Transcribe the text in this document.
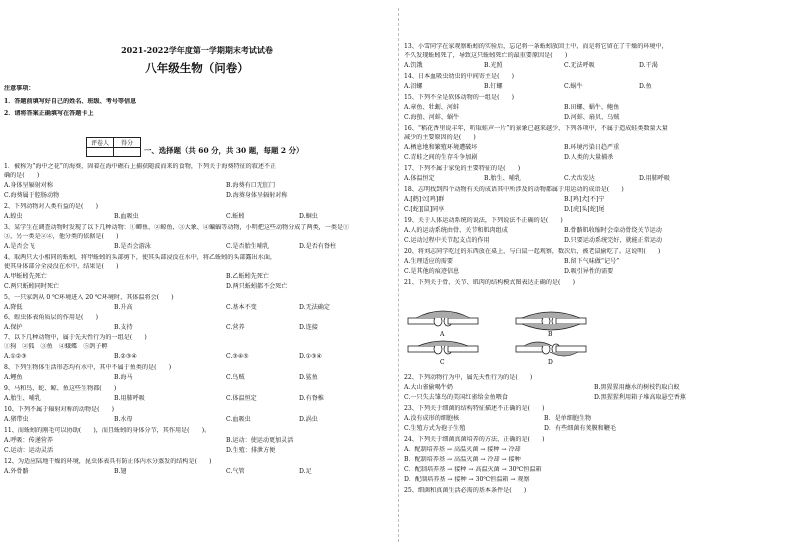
2021-2022学年度第一学期期末考试试卷
八年级生物（问卷）
注意事项：
1．答题前填写好自己的姓名、班级、考号等信息
2．请将答案正确填写在答题卡上
评卷人	得分

一、选择题（共 60 分，共 30 题，每题 2 分）
1．被称为“海中之花”的海葵，固着在海中礁石上捕获随波而来的食物，下列关于海葵特征的叙述不正
确的是(　　)
A.身体呈辐射对称	B.海葵有口无肛门
C.海葵属于腔肠动物	D.海葵身体呈辐射对称
2、下列动物对人类有益的是(　　)
A.蝗虫	B.血吸虫	C.蚯蚓	D.蛔虫
3、某学生在调查动物时发现了以下几种动物：①鲫鱼、②鲸鱼、③大象、④蝙蝠等动物，小明把这些动物分成了两类，一类是①
③，另一类是②④，他分类的依据是(　　)
A.是否会飞	B.是否会游泳	C.是否胎生哺乳	D.是否有脊柱
4、取两只大小相同的蚯蚓，将甲蚯蚓的头部剪下，使其头部浸没在水中，将乙蚯蚓的头部露出水面，
使其身体部分全浸没在水中，结果是(　　)
A.甲蚯蚓先死亡	B.乙蚯蚓先死亡
C.两只蚯蚓同时死亡	D.两只蚯蚓都不会死亡
5、一只家鸽从 0 ℃环境进入 20 ℃环境时，其体温将会(　　)
A.降低	B.升高	C.基本不变	D.无法确定
6、蝗虫体表角质层的作用是(　　)
A.保护	B.支持	C.营养	D.连接
7、以下几种动物中，属于先天性行为的一组是(　　)
①狗　②狐　③鱼　④蛾蝶　⑤鸽子孵
A.①②③	B.②③④	C.③④⑤	D.①③④
8、下列生物体生活形态均有水中，其中不属于鱼类的是(　　)
A.鲤鱼	B.海马	C.鸟贼	D.鲨鱼
9、马和鸟、蛇、鲸、鱼这些生物都(　　)
A.胎生、哺乳	B.用肺呼吸	C.体温恒定	D.有脊椎
10、下列不属于辐射对称的动物是(　　)
A.猪带虫	B.水母	C.血吸虫	D.涡虫
11、而蚯蚓的刚毛可以协助(　　)，而且蚯蚓的身体分节，其作用是(　　)。
A.呼吸：传递营养	B.运动：使运动更加灵活
C.运动：运动灵活	D.生殖：排泄方便
12、为适应陆地干燥的环境，昆虫体表具有防止体内水分蒸发的结构是(　　)
A.外骨骼	B.翅	C.气管	D.足
13、小雪同学在家观察蚯蚓的实验后，忘记将一条蚯蚓放回土中，而是将它留在了干燥的环境中，
不久发现蚯蚓死了，导致这只蚯蚓死亡的最重要原因是(　　)
A.饥饿	B.光照	C.无法呼吸	D.干渴
14、日本血吸虫幼虫的中间寄主是(　　)
A.沼螺	B.钉螺	C.蜗牛	D.鱼
15、下列不全是软体动物的一组是(　　)
A.章鱼、牡蛎、河蚌	B.田螺、蜗牛、鲍鱼
C.海蛰、河蚌、蜗牛	D.河蚌、扇贝、乌贼
16、“稻花香里说丰年，听取蛙声一片”的景象已越来越少，下列各项中，不属于造成蛙类数量大量
减少的主要原因的是(　　)
A.栖息地和繁殖环境遭破坏	B.环境污染日趋严重
C.青蛙之间的生存斗争加剧	D.人类的大量捕杀
17、下列不属于家兔的主要特征的是(　　)
A.体温恒定	B.胎生、哺乳	C.犬齿发达	D.用肺呼吸
18、志明找到四个动物有关的成语其中所涉及的动物都属于用运动的成语是(　　)
A.[鹤]立[鸡]群	B.[鸡]犬[不]宁
C.[蛇][鼠]同享	D.[虎]头[蛇]尾
19、关于人体运动系统的说法，下列说法不正确的是(　　)
A.人的运动系统由骨、关节和肌肉组成	B.骨骼肌收缩时会牵动骨绕关节运动
C.运动过程中关节起支点的作用	D.只要运动系统完好，就能正常运动
20、将刘志同学吃过的东西放在桌上，与白鼠一起观察，数次后，被老鼠偷吃了。这说明(　　)
A.生理适应的需要	B.留下气味做“记号”
C.是其他的痕迹信息	D.吸引异性的需要
21、下列关于骨、关节、肌肉的结构模式图表达正确的是(　　)
A	B
C	D
22、下列动物行为中，属先天性行为的是(　　)
A.大山雀偷喝牛奶	B.黑猩猩用蘸水的树枝钓取白蚁
C.一只失去雏鸟的美国红雀给金鱼喂食	D.黑猩猩利用箱子堆高取悬空香蕉
23、下列关于细菌的结构特征描述不正确的是(　　)
A.没有成形的细胞核	B．是单细胞生物
C.生殖方式为孢子生殖	D．有些细菌有荚膜和鞭毛
24、下列关于细菌真菌培养的方法，正确的是(　　)
A．配制培养基 → 高温灭菌 → 接种 → 冷却
B．配制培养基 → 高温灭菌 → 冷却 → 接种
C．配制培养基 → 接种 → 高温灭菌 → 30℃恒温箱
D．配制培养基 → 接种 → 30℃恒温箱 → 观察
25、细菌和真菌生活必需的基本条件是(　　)
